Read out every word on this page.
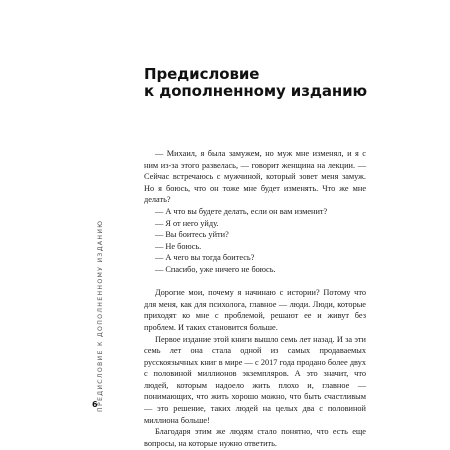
Предисловие
к дополненному изданию

— Михаил, я была замужем, но муж мне изменял, и я с ним из-за этого развелась, — говорит женщина на лекции. — Сейчас встречаюсь с мужчиной, который зовет меня замуж. Но я боюсь, что он тоже мне будет изменять. Что же мне делать?

— А что вы будете делать, если он вам изменит?

— Я от него уйду.

— Вы боитесь уйти?

— Не боюсь.

— А чего вы тогда боитесь?

— Спасибо, уже ничего не боюсь.

Дорогие мои, почему я начинаю с истории? Потому что для меня, как для психолога, главное — люди. Люди, которые приходят ко мне с проблемой, решают ее и живут без проблем. И таких становится больше.

Первое издание этой книги вышло семь лет назад. И за эти семь лет она стала одной из самых продаваемых русскоязычных книг в мире — с 2017 года продано более двух с половиной миллионов экземпляров. А это значит, что людей, которым надоело жить плохо и, главное — понимающих, что жить хорошо можно, что быть счастливым — это решение, таких людей на целых два с половиной миллиона больше!

Благодаря этим же людям стало понятно, что есть еще вопросы, на которые нужно ответить.

ПРЕДИСЛОВИЕ К ДОПОЛНЕННОМУ ИЗДАНИЮ
6
